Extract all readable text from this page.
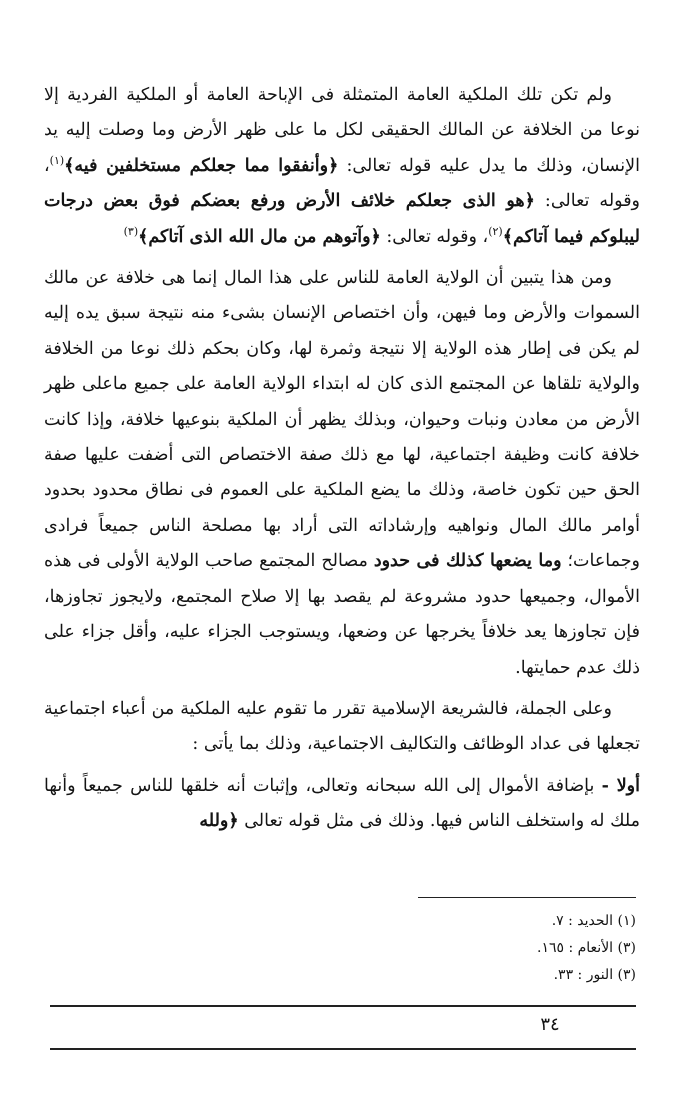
ولم تكن تلك الملكية العامة المتمثلة فى الإباحة العامة أو الملكية الفردية إلا نوعا من الخلافة عن المالك الحقيقى لكل ما على ظهر الأرض وما وصلت إليه يد الإنسان، وذلك ما يدل عليه قوله تعالى: ﴿وأنفقوا مما جعلكم مستخلفين فيه﴾$^{(١)}$، وقوله تعالى: ﴿هو الذى جعلكم خلائف الأرض ورفع بعضكم فوق بعض درجات ليبلوكم فيما آتاكم﴾$^{(٢)}$، وقوله تعالى: ﴿وآتوهم من مال الله الذى آتاكم﴾$^{(٣)}$

ومن هذا يتبين أن الولاية العامة للناس على هذا المال إنما هى خلافة عن مالك السموات والأرض وما فيهن، وأن اختصاص الإنسان بشىء منه نتيجة سبق يده إليه لم يكن فى إطار هذه الولاية إلا نتيجة وثمرة لها، وكان بحكم ذلك نوعا من الخلافة والولاية تلقاها عن المجتمع الذى كان له ابتداء الولاية العامة على جميع ماعلى ظهر الأرض من معادن ونبات وحيوان، وبذلك يظهر أن الملكية بنوعيها خلافة، وإذا كانت خلافة كانت وظيفة اجتماعية، لها مع ذلك صفة الاختصاص التى أضفت عليها صفة الحق حين تكون خاصة، وذلك ما يضع الملكية على العموم فى نطاق محدود بحدود أوامر مالك المال ونواهيه وإرشاداته التى أراد بها مصلحة الناس جميعاً فرادى وجماعات؛ وما يضعها كذلك فى حدود مصالح المجتمع صاحب الولاية الأولى فى هذه الأموال، وجميعها حدود مشروعة لم يقصد بها إلا صلاح المجتمع، ولايجوز تجاوزها، فإن تجاوزها يعد خلافاً يخرجها عن وضعها، ويستوجب الجزاء عليه، وأقل جزاء على ذلك عدم حمايتها.

وعلى الجملة، فالشريعة الإسلامية تقرر ما تقوم عليه الملكية من أعباء اجتماعية تجعلها فى عداد الوظائف والتكاليف الاجتماعية، وذلك بما يأتى :

أولا - بإضافة الأموال إلى الله سبحانه وتعالى، وإثبات أنه خلقها للناس جميعاً وأنها ملك له واستخلف الناس فيها. وذلك فى مثل قوله تعالى ﴿ولله

(١) الحديد : ٧.
(٣) الأنعام : ١٦٥.
(٣) النور : ٣٣.
٣٤
